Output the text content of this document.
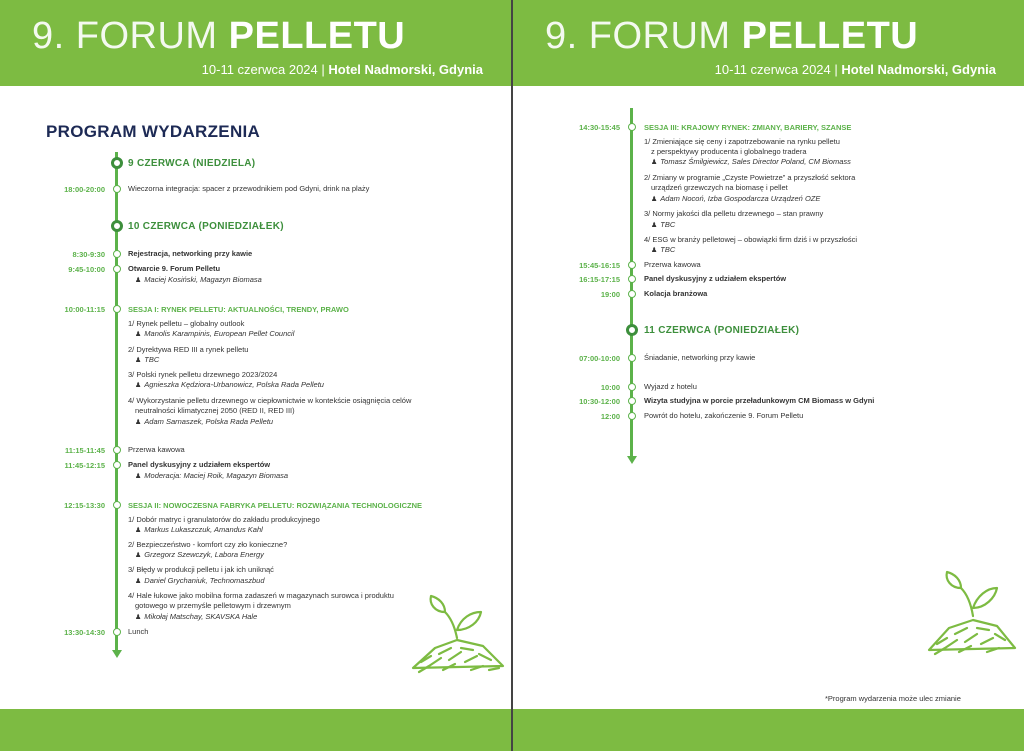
9. FORUM PELLETU
10-11 czerwca 2024 | Hotel Nadmorski, Gdynia
PROGRAM WYDARZENIA
9 CZERWCA (NIEDZIELA)
18:00-20:00	Wieczorna integracja: spacer z przewodnikiem pod Gdyni, drink na plaży
10 CZERWCA (PONIEDZIAŁEK)
8:30-9:30	Rejestracja, networking przy kawie
9:45-10:00	Otwarcie 9. Forum Pelletu
♟ Maciej Kosiński, Magazyn Biomasa
10:00-11:15	SESJA I: RYNEK PELLETU: AKTUALNOŚCI, TRENDY, PRAWO
1/ Rynek pelletu – globalny outlook
♟ Manolis Karampinis, European Pellet Council
2/ Dyrektywa RED III a rynek pelletu
♟ TBC
3/ Polski rynek pelletu drzewnego 2023/2024
♟ Agnieszka Kędziora-Urbanowicz, Polska Rada Pelletu
4/ Wykorzystanie pelletu drzewnego w ciepłownictwie w kontekście osiągnięcia celów
neutralności klimatycznej 2050 (RED II, RED III)
♟ Adam Sarnaszek, Polska Rada Pelletu
11:15-11:45	Przerwa kawowa
11:45-12:15	Panel dyskusyjny z udziałem ekspertów
♟ Moderacja: Maciej Roik, Magazyn Biomasa
12:15-13:30	SESJA II: NOWOCZESNA FABRYKA PELLETU: ROZWIĄZANIA TECHNOLOGICZNE
1/ Dobór matryc i granulatorów do zakładu produkcyjnego
♟ Markus Lukaszczuk, Amandus Kahl
2/ Bezpieczeństwo - komfort czy zło konieczne?
♟ Grzegorz Szewczyk, Labora Energy
3/ Błędy w produkcji pelletu i jak ich uniknąć
♟ Daniel Grychaniuk, Technomaszbud
4/ Hale łukowe jako mobilna forma zadaszeń w magazynach surowca i produktu
gotowego w przemyśle pelletowym i drzewnym
♟ Mikołaj Matschay, SKAVSKA Hale
13:30-14:30	Lunch
9. FORUM PELLETU
10-11 czerwca 2024 | Hotel Nadmorski, Gdynia
14:30-15:45	SESJA III: KRAJOWY RYNEK: ZMIANY, BARIERY, SZANSE
1/ Zmieniające się ceny i zapotrzebowanie na rynku pelletu
z perspektywy producenta i globalnego tradera
♟ Tomasz Śmilgiewicz, Sales Director Poland, CM Biomass
2/ Zmiany w programie „Czyste Powietrze” a przyszłość sektora
urządzeń grzewczych na biomasę i pellet
♟ Adam Nocoń, Izba Gospodarcza Urządzeń OZE
3/ Normy jakości dla pelletu drzewnego – stan prawny
♟ TBC
4/ ESG w branży pelletowej – obowiązki firm dziś i w przyszłości
♟ TBC
15:45-16:15	Przerwa kawowa
16:15-17:15	Panel dyskusyjny z udziałem ekspertów
19:00	Kolacja branżowa
11 CZERWCA (PONIEDZIAŁEK)
07:00-10:00	Śniadanie, networking przy kawie
10:00	Wyjazd z hotelu
10:30-12:00	Wizyta studyjna w porcie przeładunkowym CM Biomass w Gdyni
12:00	Powrót do hotelu, zakończenie 9. Forum Pelletu
*Program wydarzenia może ulec zmianie
